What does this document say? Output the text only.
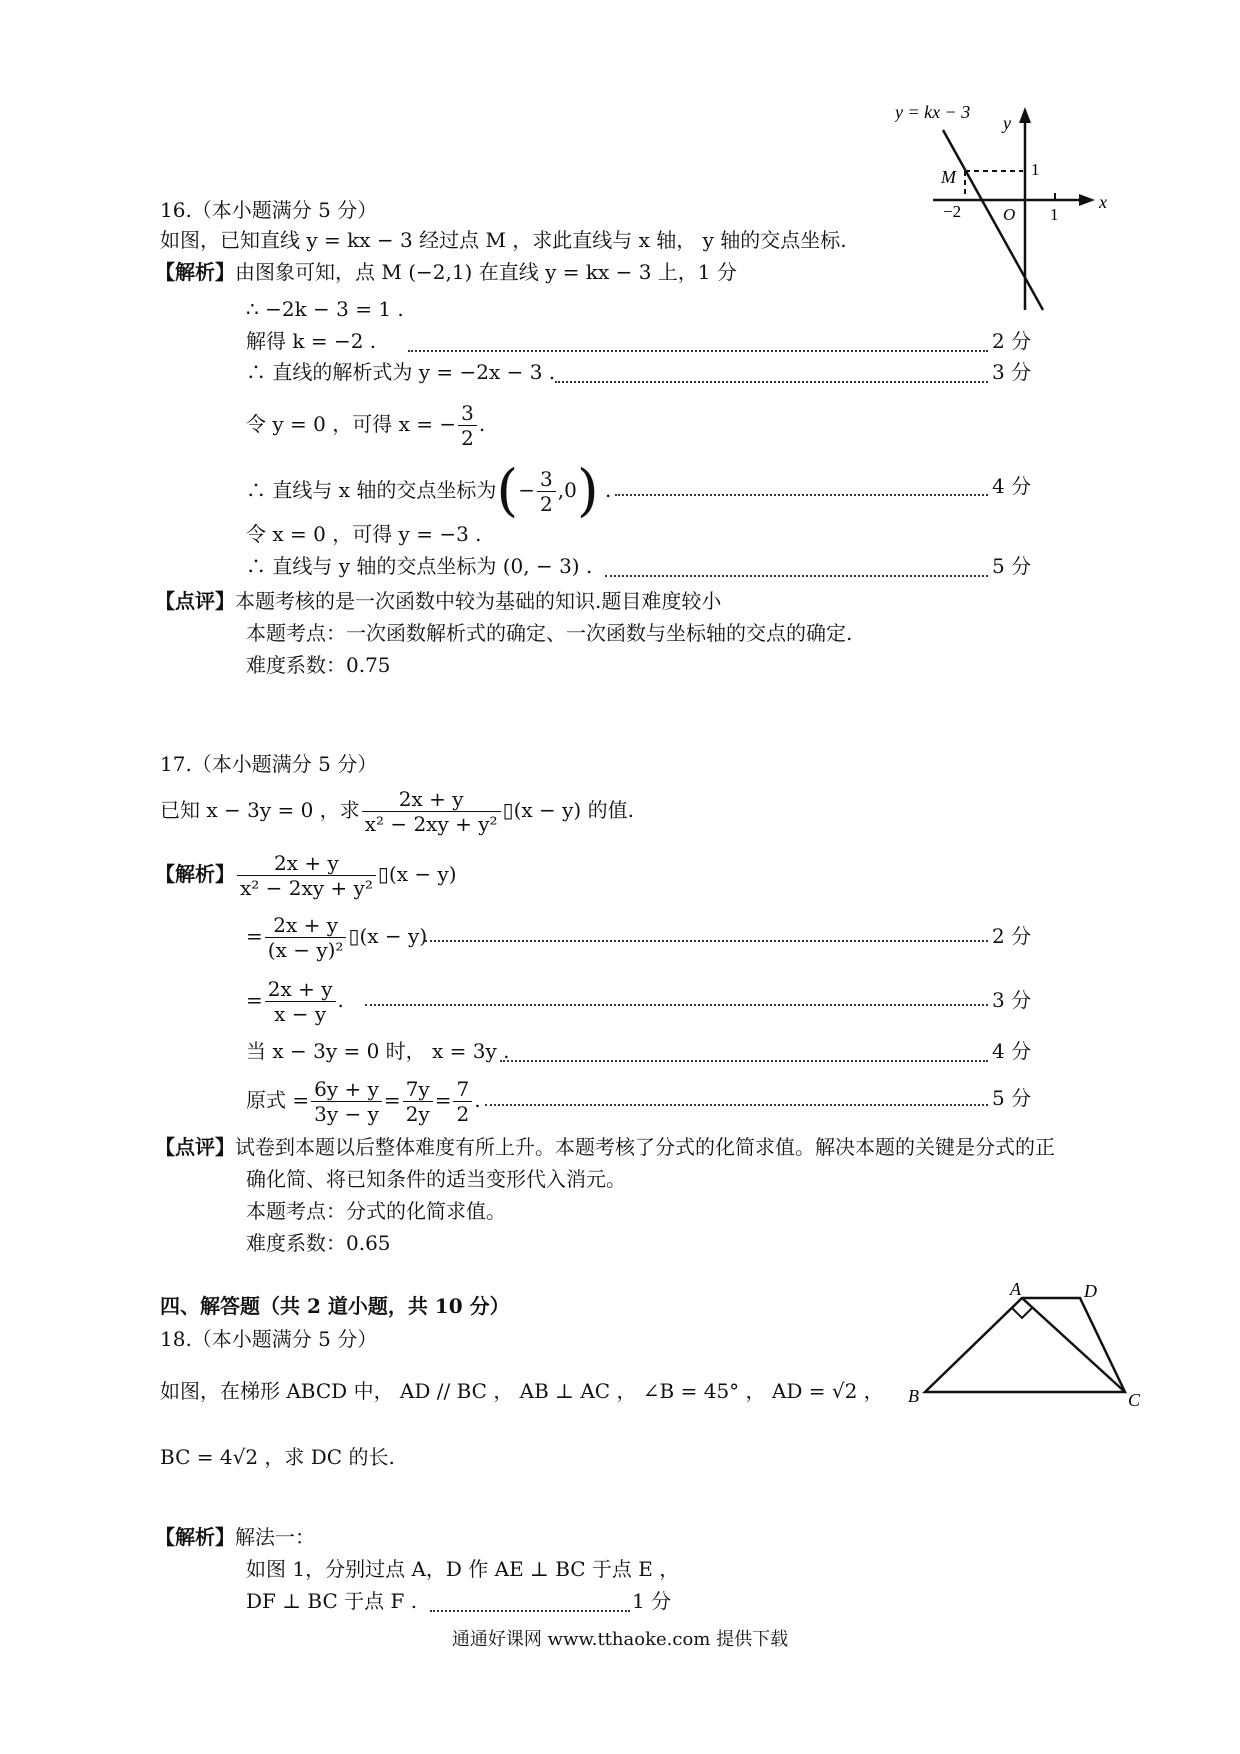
y = kx − 3
y
x
1
1
M
−2 O
16.（本小题满分 5 分）
如图，已知直线 y = kx − 3 经过点 M ，求此直线与 x 轴， y 轴的交点坐标.
【解析】由图象可知，点 M (−2,1) 在直线 y = kx − 3 上，1 分
∴ −2k − 3 = 1 .
解得 k = −2 .	2 分
∴ 直线的解析式为 y = −2x − 3 .	3 分
令 y = 0 ，可得 x = − $\frac{3}{2}$ .
∴ 直线与 x 轴的交点坐标为(− $\frac{3}{2} ,0$) .	4 分
令 x = 0 ，可得 y = −3 .
∴ 直线与 y 轴的交点坐标为 (0, − 3) .	5 分
【点评】本题考核的是一次函数中较为基础的知识.题目难度较小
本题考点：一次函数解析式的确定、一次函数与坐标轴的交点的确定.
难度系数：0.75
17.（本小题满分 5 分）
已知 x − 3y = 0 ，求 $\frac{2x + y}{\text{x² − 2xy + y²}}$ ▯(x − y) 的值.
【解析】 $\frac{2x + y}{\text{x² − 2xy + y²}}$ ▯(x − y)
= $\frac{2x + y}{\text{(x − y)²}}$ ▯(x − y)	2 分
= $\frac{2x + y}{x - y}$ .	3 分
当 x − 3y = 0 时， x = 3y .	4 分
原式 = $\frac{6y + y}{3y - y} = \frac{7y}{2y} = \frac{7}{2}$ .	5 分
【点评】试卷到本题以后整体难度有所上升。本题考核了分式的化简求值。解决本题的关键是分式的正
确化简、将已知条件的适当变形代入消元。
本题考点：分式的化简求值。
难度系数：0.65
四、解答题（共 2 道小题，共 10 分）
A	D
B	C
18.（本小题满分 5 分）
如图，在梯形 ABCD 中， AD // BC ， AB ⊥ AC ， ∠B = 45° ， AD = √2 ，
BC = 4√2 ，求 DC 的长.
【解析】解法一：
如图 1，分别过点 A，D 作 AE ⊥ BC 于点 E ，
DF ⊥ BC 于点 F .	1 分
通通好课网 www.tthaoke.com 提供下载
